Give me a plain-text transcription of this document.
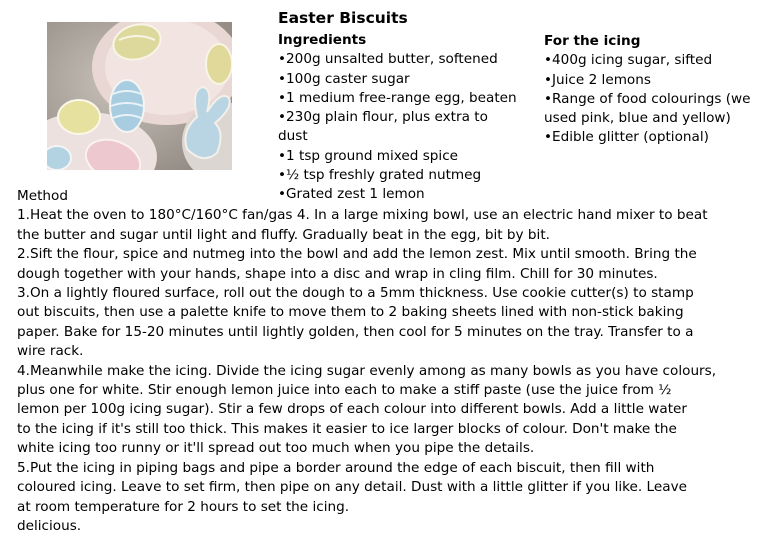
Easter Biscuits
Ingredients
•200g unsalted butter, softened
•100g caster sugar
•1 medium free-range egg, beaten
•230g plain flour, plus extra to
dust
•1 tsp ground mixed spice
•½ tsp freshly grated nutmeg
•Grated zest 1 lemon
For the icing
•400g icing sugar, sifted
•Juice 2 lemons
•Range of food colourings (we
used pink, blue and yellow)
•Edible glitter (optional)
Method
1.Heat the oven to 180°C/160°C fan/gas 4. In a large mixing bowl, use an electric hand mixer to beat
the butter and sugar until light and fluffy. Gradually beat in the egg, bit by bit.
2.Sift the flour, spice and nutmeg into the bowl and add the lemon zest. Mix until smooth. Bring the
dough together with your hands, shape into a disc and wrap in cling film. Chill for 30 minutes.
3.On a lightly floured surface, roll out the dough to a 5mm thickness. Use cookie cutter(s) to stamp
out biscuits, then use a palette knife to move them to 2 baking sheets lined with non-stick baking
paper. Bake for 15-20 minutes until lightly golden, then cool for 5 minutes on the tray. Transfer to a
wire rack.
4.Meanwhile make the icing. Divide the icing sugar evenly among as many bowls as you have colours,
plus one for white. Stir enough lemon juice into each to make a stiff paste (use the juice from ½
lemon per 100g icing sugar). Stir a few drops of each colour into different bowls. Add a little water
to the icing if it's still too thick. This makes it easier to ice larger blocks of colour. Don't make the
white icing too runny or it'll spread out too much when you pipe the details.
5.Put the icing in piping bags and pipe a border around the edge of each biscuit, then fill with
coloured icing. Leave to set firm, then pipe on any detail. Dust with a little glitter if you like. Leave
at room temperature for 2 hours to set the icing.
delicious.
